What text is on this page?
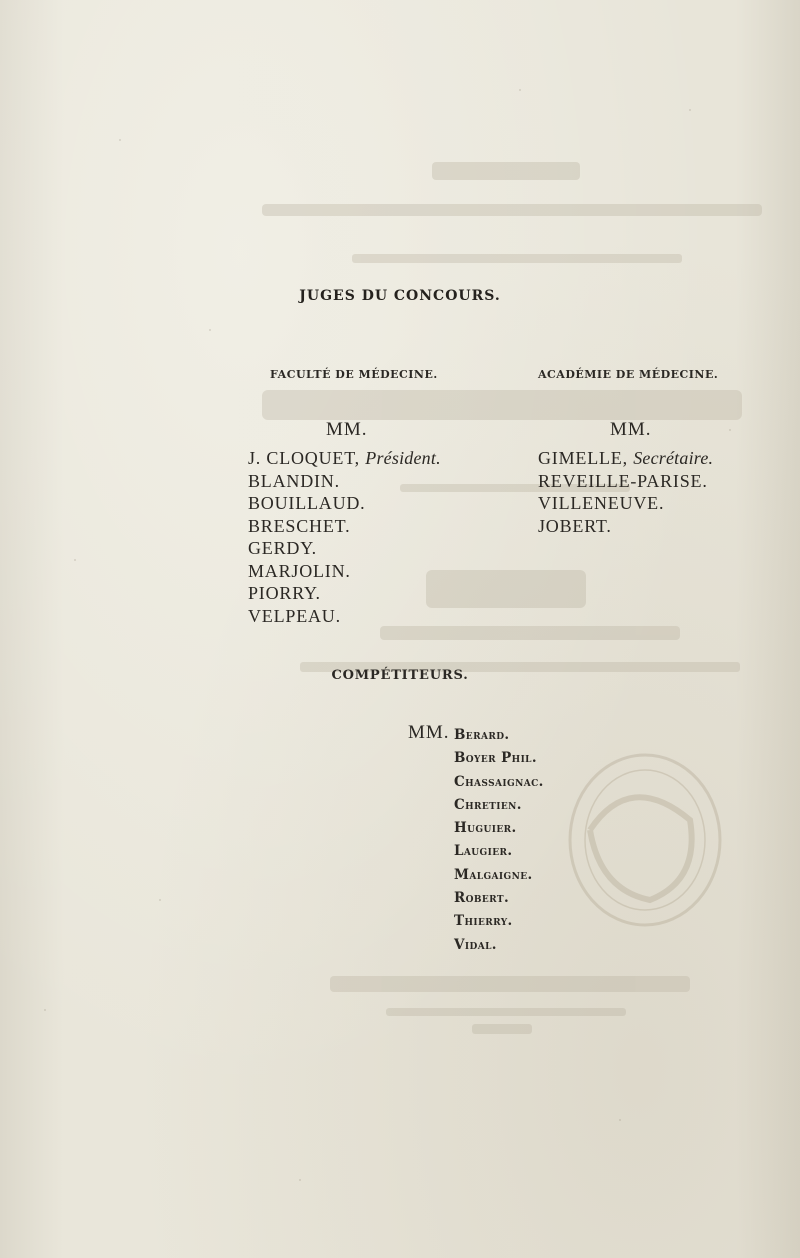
JUGES DU CONCOURS.
FACULTÉ DE MÉDECINE.
MM.
J. CLOQUET, Président.
BLANDIN.
BOUILLAUD.
BRESCHET.
GERDY.
MARJOLIN.
PIORRY.
VELPEAU.
ACADÉMIE DE MÉDECINE.
MM.
GIMELLE, Secrétaire.
REVEILLE-PARISE.
VILLENEUVE.
JOBERT.
COMPÉTITEURS.
MM. Berard.
Boyer Phil.
Chassaignac.
Chretien.
Huguier.
Laugier.
Malgaigne.
Robert.
Thierry.
Vidal.
